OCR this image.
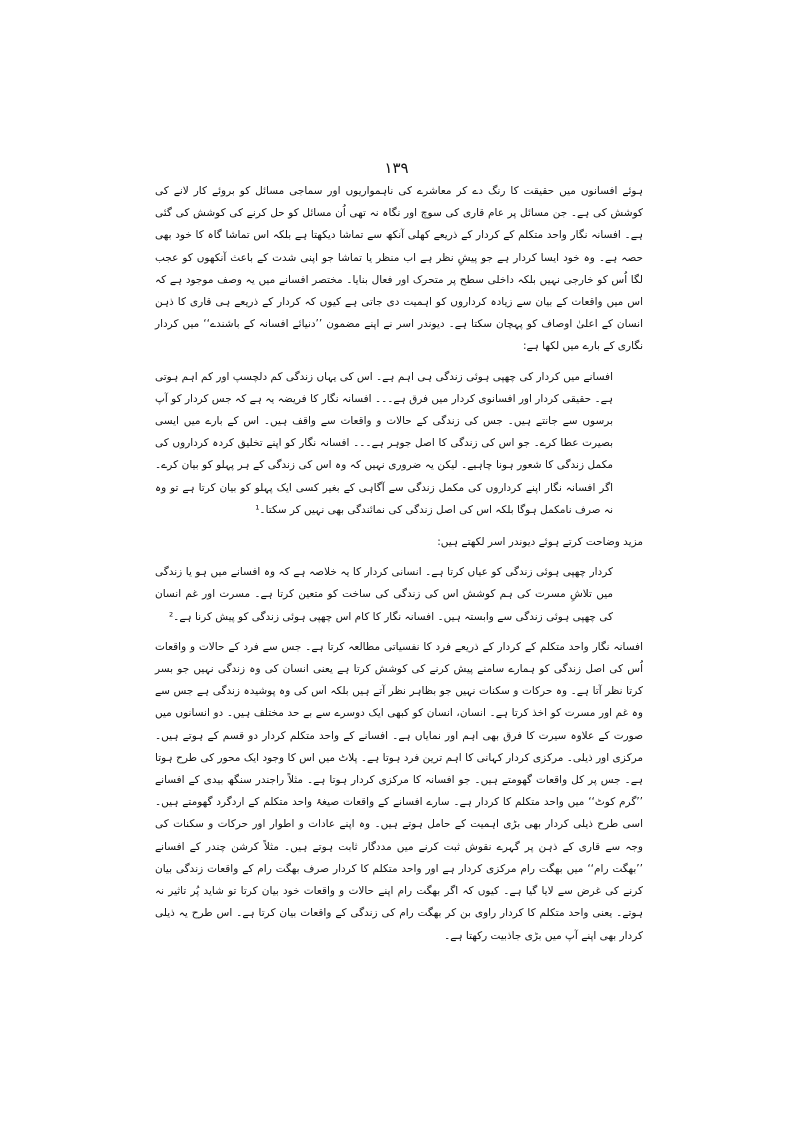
۱۳۹

ہوئے افسانوں میں حقیقت کا رنگ دے کر معاشرے کی ناہمواریوں اور سماجی مسائل کو بروئے کار لانے کی کوشش کی ہے۔ جن مسائل پر عام قاری کی سوچ اور نگاہ نہ تھی اُن مسائل کو حل کرنے کی کوشش کی گئی ہے۔ افسانہ نگار واحد متکلم کے کردار کے ذریعے کھلی آنکھ سے تماشا دیکھتا ہے بلکہ اس تماشا گاہ کا خود بھی حصہ ہے۔ وہ خود ایسا کردار ہے جو پیشِ نظر ہے اب منظر یا تماشا جو اپنی شدت کے باعث آنکھوں کو عجب لگا اُس کو خارجی نہیں بلکہ داخلی سطح پر متحرک اور فعال بنایا۔ مختصر افسانے میں یہ وصف موجود ہے کہ اس میں واقعات کے بیان سے زیادہ کرداروں کو اہمیت دی جاتی ہے کیوں کہ کردار کے ذریعے ہی قاری کا ذہن انسان کے اعلیٰ اوصاف کو پہچان سکتا ہے۔ دیوندر اسر نے اپنے مضمون ’’دنیائے افسانہ کے باشندے‘‘ میں کردار نگاری کے بارے میں لکھا ہے:

افسانے میں کردار کی چھپی ہوئی زندگی ہی اہم ہے۔ اس کی یہاں زندگی کم دلچسپ اور کم اہم ہوتی ہے۔ حقیقی کردار اور افسانوی کردار میں فرق ہے۔۔۔ افسانہ نگار کا فریضہ یہ ہے کہ جس کردار کو آپ برسوں سے جانتے ہیں۔ جس کی زندگی کے حالات و واقعات سے واقف ہیں۔ اس کے بارے میں ایسی بصیرت عطا کرے۔ جو اس کی زندگی کا اصل جوہر ہے۔۔۔ افسانہ نگار کو اپنے تخلیق کردہ کرداروں کی مکمل زندگی کا شعور ہونا چاہیے۔ لیکن یہ ضروری نہیں کہ وہ اس کی زندگی کے ہر پہلو کو بیان کرے۔ اگر افسانہ نگار اپنے کرداروں کی مکمل زندگی سے آگاہی کے بغیر کسی ایک پہلو کو بیان کرتا ہے تو وہ نہ صرف نامکمل ہوگا بلکہ اس کی اصل زندگی کی نمائندگی بھی نہیں کر سکتا۔¹

مزید وضاحت کرتے ہوئے دیوندر اسر لکھتے ہیں:

کردار چھپی ہوئی زندگی کو عیاں کرتا ہے۔ انسانی کردار کا یہ خلاصہ ہے کہ وہ افسانے میں ہو یا زندگی میں تلاشِ مسرت کی ہم کوشش اس کی زندگی کی ساخت کو متعین کرتا ہے۔ مسرت اور غم انسان کی چھپی ہوئی زندگی سے وابستہ ہیں۔ افسانہ نگار کا کام اس چھپی ہوئی زندگی کو پیش کرنا ہے۔²

افسانہ نگار واحد متکلم کے کردار کے ذریعے فرد کا نفسیاتی مطالعہ کرتا ہے۔ جس سے فرد کے حالات و واقعات اُس کی اصل زندگی کو ہمارے سامنے پیش کرنے کی کوشش کرتا ہے یعنی انسان کی وہ زندگی نہیں جو بسر کرتا نظر آتا ہے۔ وہ حرکات و سکنات نہیں جو بظاہر نظر آتے ہیں بلکہ اس کی وہ پوشیدہ زندگی ہے جس سے وہ غم اور مسرت کو اخذ کرتا ہے۔ انسان، انسان کو کبھی ایک دوسرے سے بے حد مختلف ہیں۔ دو انسانوں میں صورت کے علاوہ سیرت کا فرق بھی اہم اور نمایاں ہے۔ افسانے کے واحد متکلم کردار دو قسم کے ہوتے ہیں۔ مرکزی اور ذیلی۔ مرکزی کردار کہانی کا اہم ترین فرد ہوتا ہے۔ پلاٹ میں اس کا وجود ایک محور کی طرح ہوتا ہے۔ جس پر کل واقعات گھومتے ہیں۔ جو افسانہ کا مرکزی کردار ہوتا ہے۔ مثلاً راجندر سنگھ بیدی کے افسانے ’’گرم کوٹ‘‘ میں واحد متکلم کا کردار ہے۔ سارے افسانے کے واقعات صیغۂ واحد متکلم کے اردگرد گھومتے ہیں۔ اسی طرح ذیلی کردار بھی بڑی اہمیت کے حامل ہوتے ہیں۔ وہ اپنے عادات و اطوار اور حرکات و سکنات کی وجہ سے قاری کے ذہن پر گہرے نقوش ثبت کرنے میں مددگار ثابت ہوتے ہیں۔ مثلاً کرشن چندر کے افسانے ’’بھگت رام‘‘ میں بھگت رام مرکزی کردار ہے اور واحد متکلم کا کردار صرف بھگت رام کے واقعات زندگی بیان کرنے کی غرض سے لایا گیا ہے۔ کیوں کہ اگر بھگت رام اپنے حالات و واقعات خود بیان کرتا تو شاید پُر تاثیر نہ ہوتے۔ یعنی واحد متکلم کا کردار راوی بن کر بھگت رام کی زندگی کے واقعات بیان کرتا ہے۔ اس طرح یہ ذیلی کردار بھی اپنے آپ میں بڑی جاذبیت رکھتا ہے۔
